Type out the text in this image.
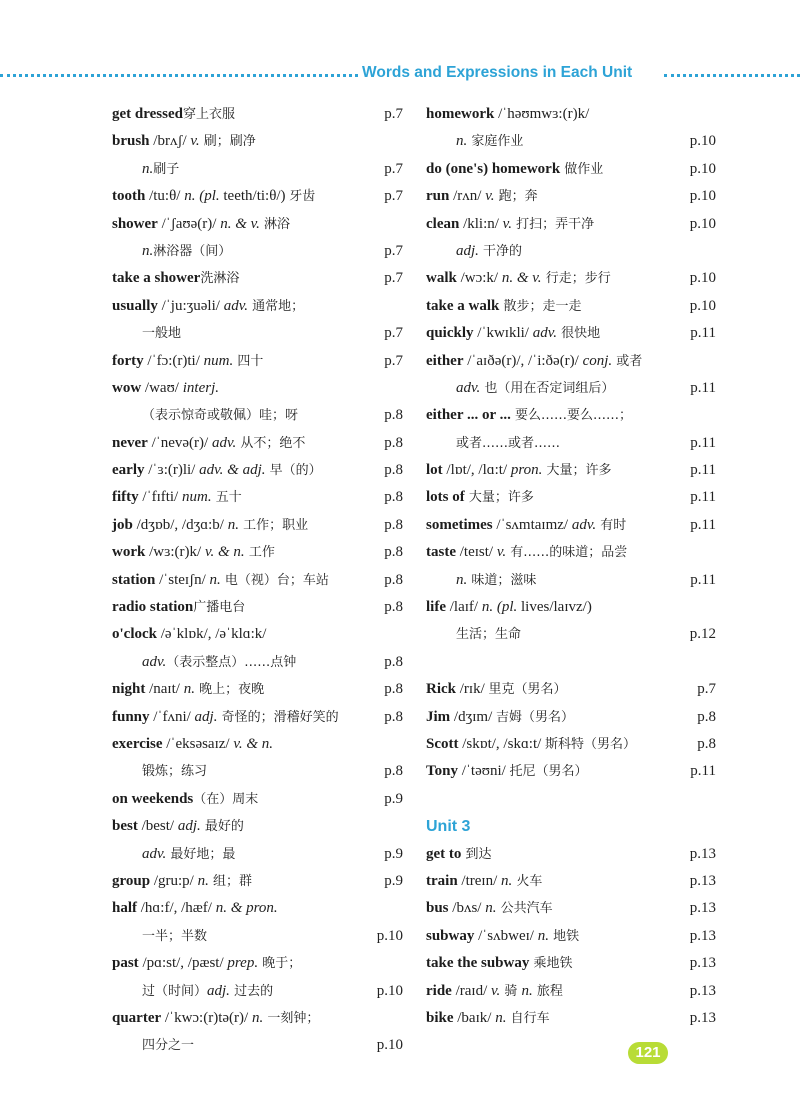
Words and Expressions in Each Unit
get dressed穿上衣服	p.7
brush /brʌʃ/ v. 刷；刷净
n.刷子	p.7
tooth /tu:θ/ n. (pl. teeth/ti:θ/) 牙齿	p.7
shower /ˈʃaʊə(r)/ n. & v. 淋浴
n.淋浴器（间）	p.7
take a shower洗淋浴	p.7
usually /ˈju:ʒuəli/ adv. 通常地；
一般地	p.7
forty /ˈfɔ:(r)ti/ num. 四十	p.7
wow /waʊ/ interj.
（表示惊奇或敬佩）哇；呀	p.8
never /ˈnevə(r)/ adv. 从不；绝不	p.8
early /ˈɜ:(r)li/ adv. & adj. 早（的）	p.8
fifty /ˈfɪfti/ num. 五十	p.8
job /dʒɒb/, /dʒɑ:b/ n. 工作；职业	p.8
work /wɜ:(r)k/ v. & n. 工作	p.8
station /ˈsteɪʃn/ n. 电（视）台；车站	p.8
radio station广播电台	p.8
o'clock /əˈklɒk/, /əˈklɑ:k/
adv.（表示整点）……点钟	p.8
night /naɪt/ n. 晚上；夜晚	p.8
funny /ˈfʌni/ adj. 奇怪的；滑稽好笑的	p.8
exercise /ˈeksəsaɪz/ v. & n.
锻炼；练习	p.8
on weekends（在）周末	p.9
best /best/ adj. 最好的
adv. 最好地；最	p.9
group /gru:p/ n. 组；群	p.9
half /hɑ:f/, /hæf/ n. & pron.
一半；半数	p.10
past /pɑ:st/, /pæst/ prep. 晚于；
过（时间）adj. 过去的	p.10
quarter /ˈkwɔ:(r)tə(r)/ n. 一刻钟；
四分之一	p.10
homework /ˈhəʊmwɜ:(r)k/
n. 家庭作业	p.10
do (one's) homework 做作业	p.10
run /rʌn/ v. 跑；奔	p.10
clean /kli:n/ v. 打扫；弄干净	p.10
adj. 干净的
walk /wɔ:k/ n. & v. 行走；步行	p.10
take a walk 散步；走一走	p.10
quickly /ˈkwɪkli/ adv. 很快地	p.11
either /ˈaɪðə(r)/, /ˈi:ðə(r)/ conj. 或者
adv. 也（用在否定词组后）	p.11
either ... or ... 要么……要么……；
或者……或者……	p.11
lot /lɒt/, /lɑ:t/ pron. 大量；许多	p.11
lots of 大量；许多	p.11
sometimes /ˈsʌmtaɪmz/ adv. 有时	p.11
taste /teɪst/ v. 有……的味道；品尝
n. 味道；滋味	p.11
life /laɪf/ n. (pl. lives/laɪvz/)
生活；生命	p.12
Rick /rɪk/ 里克（男名）	p.7
Jim /dʒɪm/ 吉姆（男名）	p.8
Scott /skɒt/, /skɑ:t/ 斯科特（男名）	p.8
Tony /ˈtəʊni/ 托尼（男名）	p.11
Unit 3
get to 到达	p.13
train /treɪn/ n. 火车	p.13
bus /bʌs/ n. 公共汽车	p.13
subway /ˈsʌbweɪ/ n. 地铁	p.13
take the subway 乘地铁	p.13
ride /raɪd/ v. 骑 n. 旅程	p.13
bike /baɪk/ n. 自行车	p.13
121
